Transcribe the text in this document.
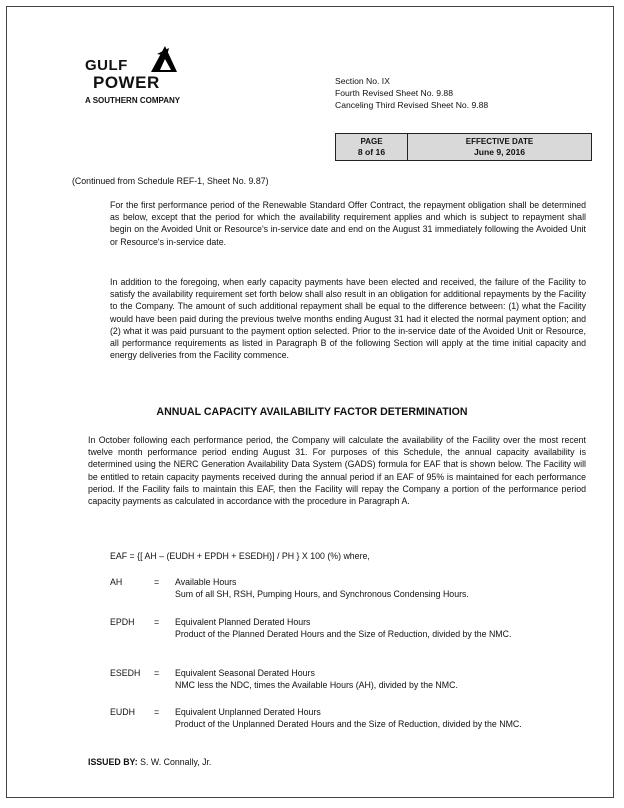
GULF
POWER
A SOUTHERN COMPANY
Section No. IX
Fourth Revised Sheet No. 9.88
Canceling Third Revised Sheet No. 9.88
PAGE
8 of 16
EFFECTIVE DATE
June 9, 2016
(Continued from Schedule REF-1, Sheet No. 9.87)
For the first performance period of the Renewable Standard Offer Contract, the repayment obligation shall be determined as below, except that the period for which the availability requirement applies and which is subject to repayment shall begin on the Avoided Unit or Resource's in-service date and end on the August 31 immediately following the Avoided Unit or Resource's in-service date.
In addition to the foregoing, when early capacity payments have been elected and received, the failure of the Facility to satisfy the availability requirement set forth below shall also result in an obligation for additional repayments by the Facility to the Company. The amount of such additional repayment shall be equal to the difference between: (1) what the Facility would have been paid during the previous twelve months ending August 31 had it elected the normal payment option; and (2) what it was paid pursuant to the payment option selected. Prior to the in-service date of the Avoided Unit or Resource, all performance requirements as listed in Paragraph B of the following Section will apply at the time initial capacity and energy deliveries from the Facility commence.
ANNUAL CAPACITY AVAILABILITY FACTOR DETERMINATION
In October following each performance period, the Company will calculate the availability of the Facility over the most recent twelve month performance period ending August 31. For purposes of this Schedule, the annual capacity availability is determined using the NERC Generation Availability Data System (GADS) formula for EAF that is shown below. The Facility will be entitled to retain capacity payments received during the annual period if an EAF of 95% is maintained for each performance period. If the Facility fails to maintain this EAF, then the Facility will repay the Company a portion of the performance period capacity payments as calculated in accordance with the procedure in Paragraph A.
EAF = {[ AH – (EUDH + EPDH + ESEDH)] / PH } X 100 (%) where,
AH	= Available Hours
Sum of all SH, RSH, Pumping Hours, and Synchronous Condensing Hours.
EPDH = Equivalent Planned Derated Hours
Product of the Planned Derated Hours and the Size of Reduction, divided by the NMC.
ESEDH = Equivalent Seasonal Derated Hours
NMC less the NDC, times the Available Hours (AH), divided by the NMC.
EUDH = Equivalent Unplanned Derated Hours
Product of the Unplanned Derated Hours and the Size of Reduction, divided by the NMC.
ISSUED BY: S. W. Connally, Jr.
